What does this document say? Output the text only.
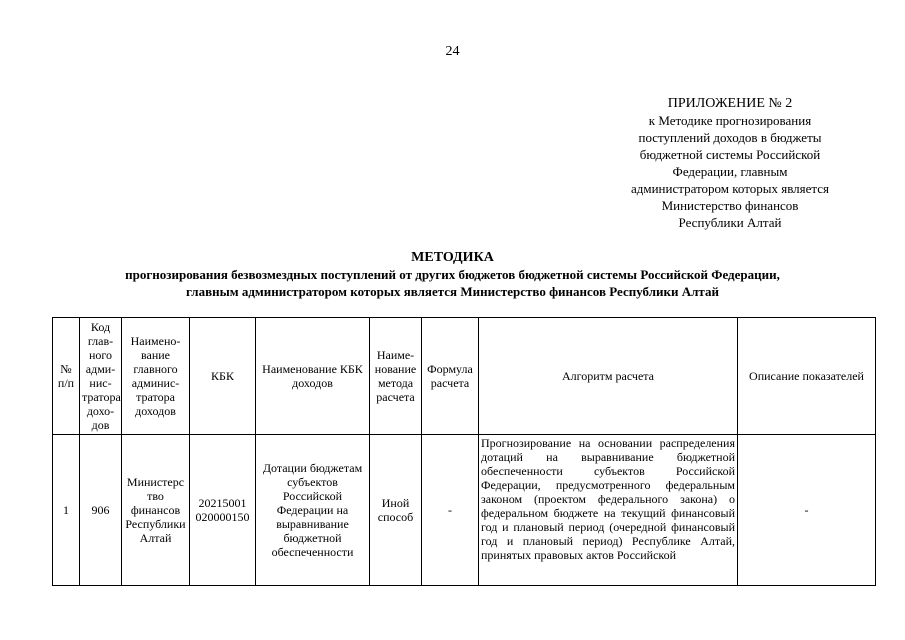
24
ПРИЛОЖЕНИЕ № 2
к Методике прогнозирования
поступлений доходов в бюджеты
бюджетной системы Российской
Федерации, главным
администратором которых является
Министерство финансов
Республики Алтай
МЕТОДИКА
прогнозирования безвозмездных поступлений от других бюджетов бюджетной системы Российской Федерации,
главным администратором которых является Министерство финансов Республики Алтай
№ п/п	Код глав-ного адми-нис-тратора дохо-дов	Наимено-вание главного админис-тратора доходов	КБК	Наименование КБК доходов	Наиме-нование метода расчета	Формула расчета	Алгоритм расчета	Описание показателей
1	906	Министерс тво финансов Республики Алтай	20215001 020000150	Дотации бюджетам субъектов Российской Федерации на выравнивание бюджетной обеспеченности	Иной способ	-	Прогнозирование на основании распределения дотаций на выравнивание бюджетной обеспеченности субъектов Российской Федерации, предусмотренного федеральным законом (проектом федерального закона) о федеральном бюджете на текущий финансовый год и плановый период (очередной финансовый год и плановый период) Республике Алтай, принятых правовых актов Российской	-
